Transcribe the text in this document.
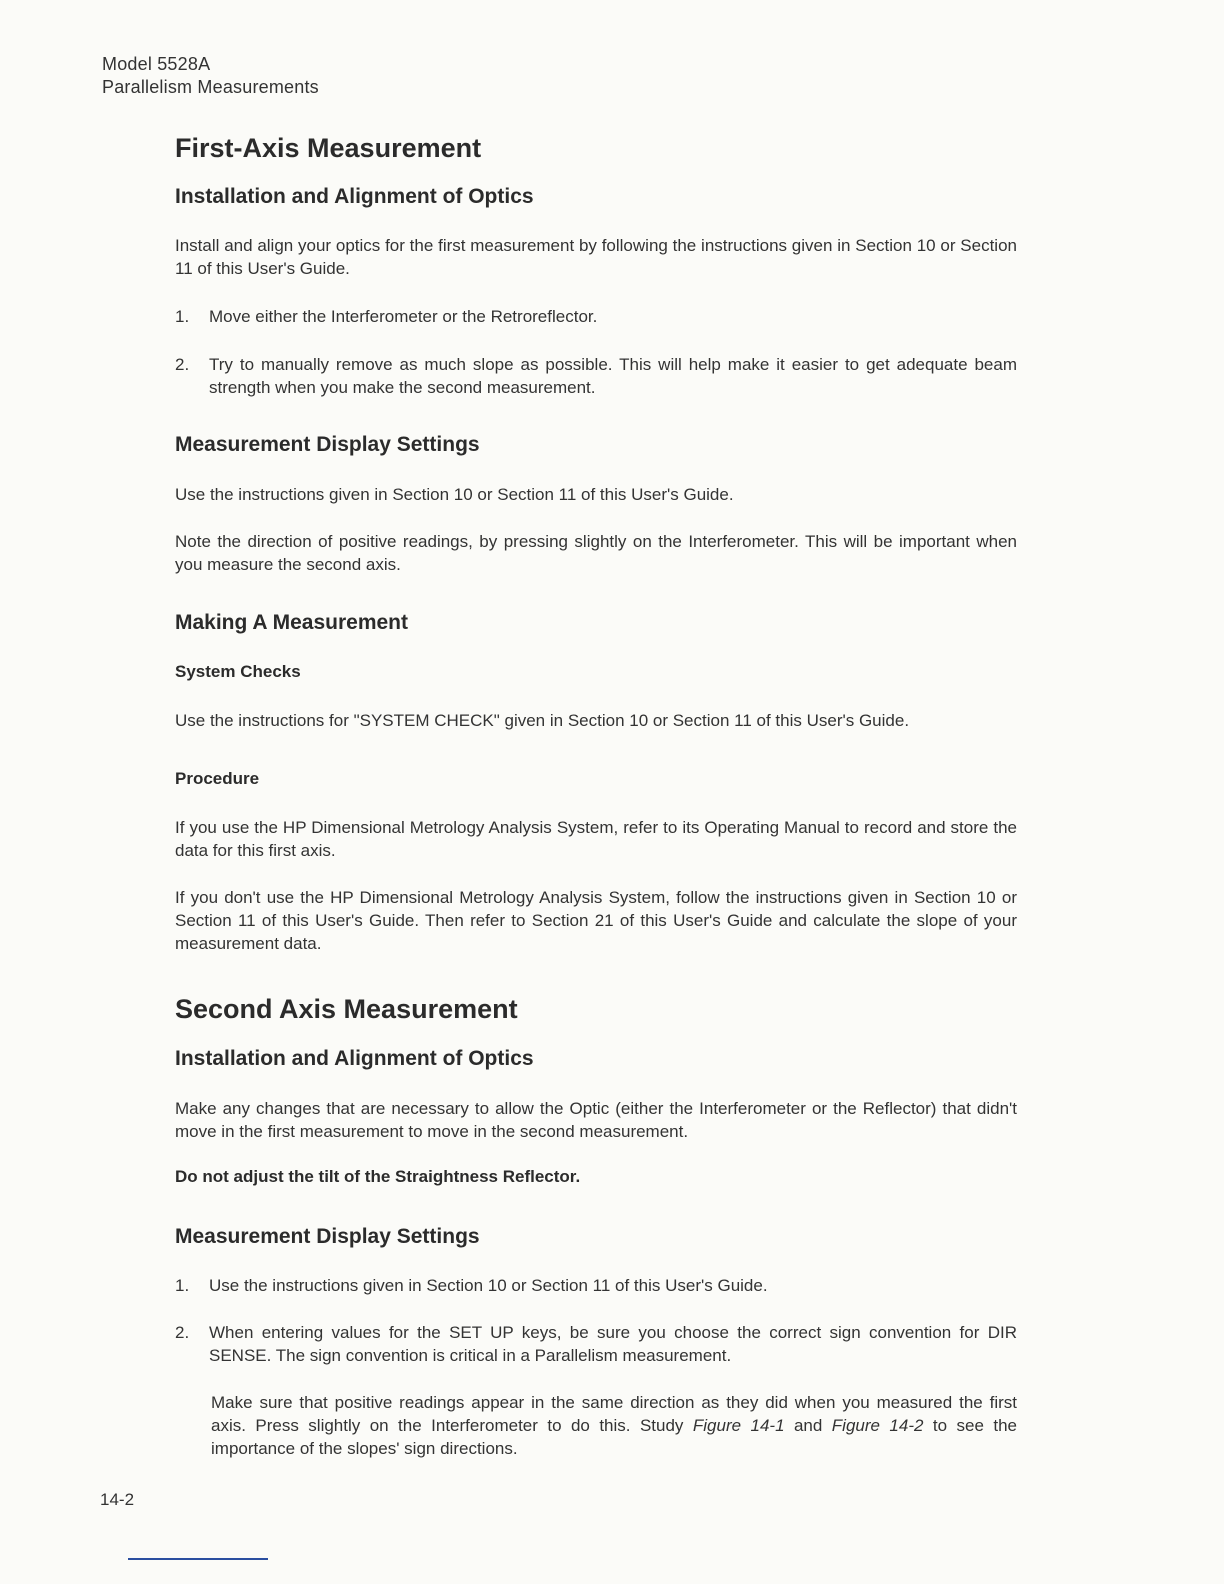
Model 5528A
Parallelism Measurements
First-Axis Measurement
Installation and Alignment of Optics
Install and align your optics for the first measurement by following the instructions given in Section 10 or Section 11 of this User's Guide.
1. Move either the Interferometer or the Retroreflector.
2. Try to manually remove as much slope as possible. This will help make it easier to get adequate beam strength when you make the second measurement.
Measurement Display Settings
Use the instructions given in Section 10 or Section 11 of this User's Guide.
Note the direction of positive readings, by pressing slightly on the Interferometer. This will be important when you measure the second axis.
Making A Measurement
System Checks
Use the instructions for "SYSTEM CHECK" given in Section 10 or Section 11 of this User's Guide.
Procedure
If you use the HP Dimensional Metrology Analysis System, refer to its Operating Manual to record and store the data for this first axis.
If you don't use the HP Dimensional Metrology Analysis System, follow the instructions given in Section 10 or Section 11 of this User's Guide. Then refer to Section 21 of this User's Guide and calculate the slope of your measurement data.
Second Axis Measurement
Installation and Alignment of Optics
Make any changes that are necessary to allow the Optic (either the Interferometer or the Reflector) that didn't move in the first measurement to move in the second measurement.
Do not adjust the tilt of the Straightness Reflector.
Measurement Display Settings
1. Use the instructions given in Section 10 or Section 11 of this User's Guide.
2. When entering values for the SET UP keys, be sure you choose the correct sign convention for DIR SENSE. The sign convention is critical in a Parallelism measurement.
Make sure that positive readings appear in the same direction as they did when you measured the first axis. Press slightly on the Interferometer to do this. Study Figure 14-1 and Figure 14-2 to see the importance of the slopes' sign directions.
14-2
